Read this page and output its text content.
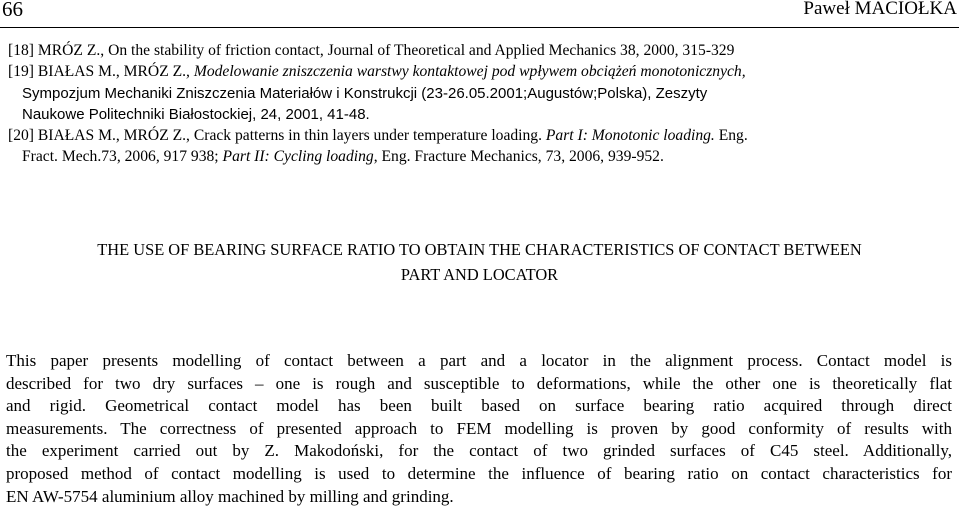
66	Paweł MACIOŁKA

[18] MRÓZ Z., On the stability of friction contact, Journal of Theoretical and Applied Mechanics 38, 2000, 315-329

[19] BIAŁAS M., MRÓZ Z., Modelowanie zniszczenia warstwy kontaktowej pod wpływem obciążeń monotonicznych,

Sympozjum Mechaniki Zniszczenia Materiałów i Konstrukcji (23-26.05.2001;Augustów;Polska), Zeszyty

Naukowe Politechniki Białostockiej, 24, 2001, 41-48.

[20] BIAŁAS M., MRÓZ Z., Crack patterns in thin layers under temperature loading. Part I: Monotonic loading. Eng.

Fract. Mech.73, 2006, 917 938; Part II: Cycling loading, Eng. Fracture Mechanics, 73, 2006, 939-952.

THE USE OF BEARING SURFACE RATIO TO OBTAIN THE CHARACTERISTICS OF CONTACT BETWEEN
PART AND LOCATOR

This paper presents modelling of contact between a part and a locator in the alignment process. Contact model is
described for two dry surfaces – one is rough and susceptible to deformations, while the other one is theoretically flat
and rigid. Geometrical contact model has been built based on surface bearing ratio acquired through direct
measurements. The correctness of presented approach to FEM modelling is proven by good conformity of results with
the experiment carried out by Z. Makodoński, for the contact of two grinded surfaces of C45 steel. Additionally,
proposed method of contact modelling is used to determine the influence of bearing ratio on contact characteristics for
EN AW-5754 aluminium alloy machined by milling and grinding.
